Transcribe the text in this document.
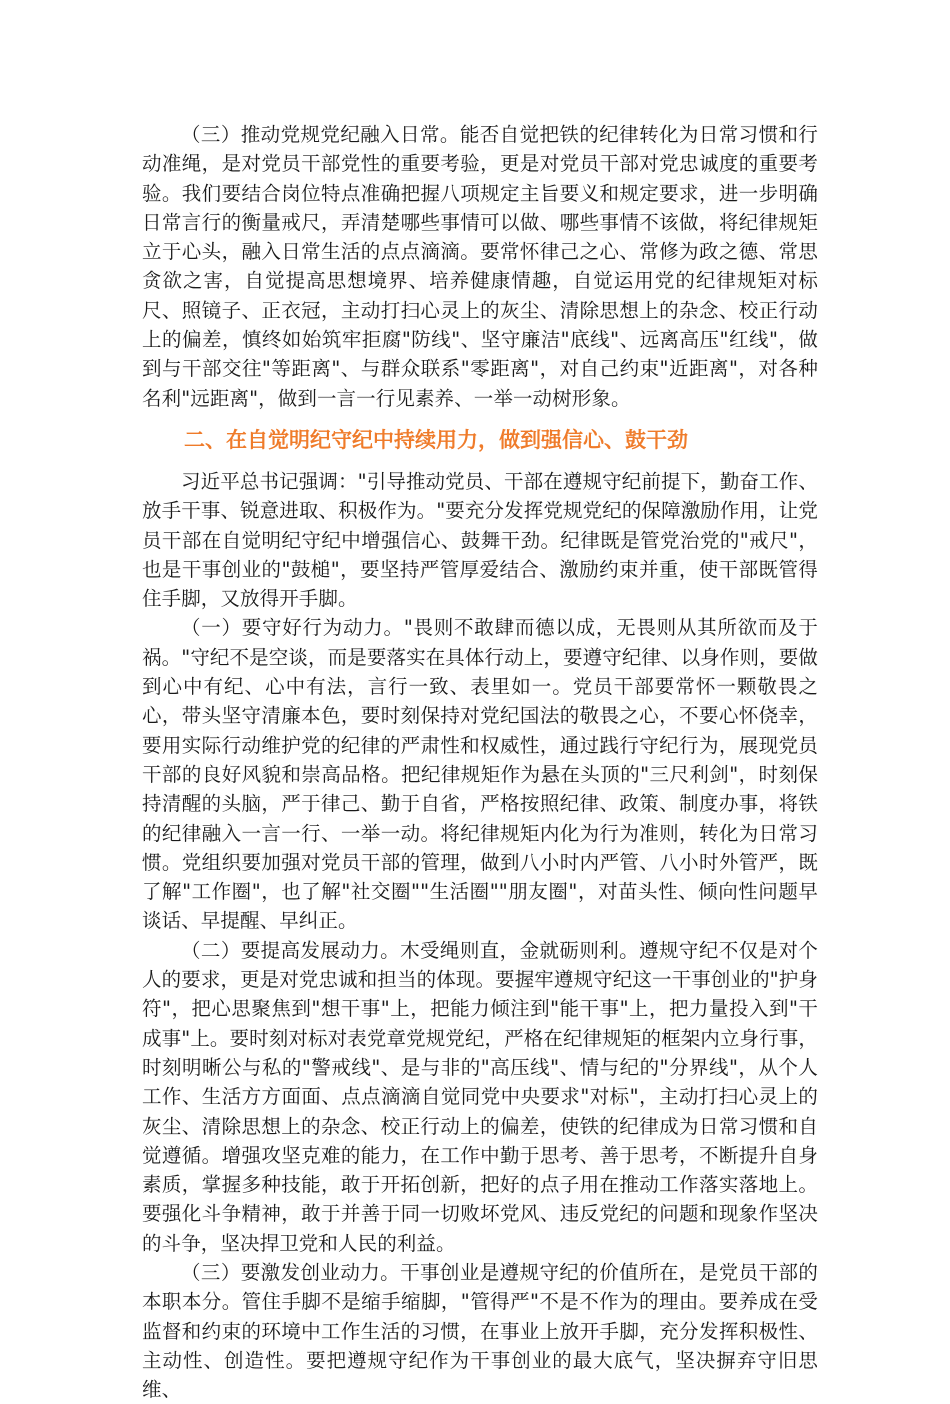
（三）推动党规党纪融入日常。能否自觉把铁的纪律转化为日常习惯和行动准绳，是对党员干部党性的重要考验，更是对党员干部对党忠诚度的重要考验。我们要结合岗位特点准确把握八项规定主旨要义和规定要求，进一步明确日常言行的衡量戒尺，弄清楚哪些事情可以做、哪些事情不该做，将纪律规矩立于心头，融入日常生活的点点滴滴。要常怀律己之心、常修为政之德、常思贪欲之害，自觉提高思想境界、培养健康情趣，自觉运用党的纪律规矩对标尺、照镜子、正衣冠，主动打扫心灵上的灰尘、清除思想上的杂念、校正行动上的偏差，慎终如始筑牢拒腐"防线"、坚守廉洁"底线"、远离高压"红线"，做到与干部交往"等距离"、与群众联系"零距离"，对自己约束"近距离"，对各种名利"远距离"，做到一言一行见素养、一举一动树形象。

二、在自觉明纪守纪中持续用力，做到强信心、鼓干劲

习近平总书记强调："引导推动党员、干部在遵规守纪前提下，勤奋工作、放手干事、锐意进取、积极作为。"要充分发挥党规党纪的保障激励作用，让党员干部在自觉明纪守纪中增强信心、鼓舞干劲。纪律既是管党治党的"戒尺"，也是干事创业的"鼓槌"，要坚持严管厚爱结合、激励约束并重，使干部既管得住手脚，又放得开手脚。

（一）要守好行为动力。"畏则不敢肆而德以成，无畏则从其所欲而及于祸。"守纪不是空谈，而是要落实在具体行动上，要遵守纪律、以身作则，要做到心中有纪、心中有法，言行一致、表里如一。党员干部要常怀一颗敬畏之心，带头坚守清廉本色，要时刻保持对党纪国法的敬畏之心，不要心怀侥幸，要用实际行动维护党的纪律的严肃性和权威性，通过践行守纪行为，展现党员干部的良好风貌和崇高品格。把纪律规矩作为悬在头顶的"三尺利剑"，时刻保持清醒的头脑，严于律己、勤于自省，严格按照纪律、政策、制度办事，将铁的纪律融入一言一行、一举一动。将纪律规矩内化为行为准则，转化为日常习惯。党组织要加强对党员干部的管理，做到八小时内严管、八小时外管严，既了解"工作圈"，也了解"社交圈""生活圈""朋友圈"，对苗头性、倾向性问题早谈话、早提醒、早纠正。

（二）要提高发展动力。木受绳则直，金就砺则利。遵规守纪不仅是对个人的要求，更是对党忠诚和担当的体现。要握牢遵规守纪这一干事创业的"护身符"，把心思聚焦到"想干事"上，把能力倾注到"能干事"上，把力量投入到"干成事"上。要时刻对标对表党章党规党纪，严格在纪律规矩的框架内立身行事，时刻明晰公与私的"警戒线"、是与非的"高压线"、情与纪的"分界线"，从个人工作、生活方方面面、点点滴滴自觉同党中央要求"对标"，主动打扫心灵上的灰尘、清除思想上的杂念、校正行动上的偏差，使铁的纪律成为日常习惯和自觉遵循。增强攻坚克难的能力，在工作中勤于思考、善于思考，不断提升自身素质，掌握多种技能，敢于开拓创新，把好的点子用在推动工作落实落地上。要强化斗争精神，敢于并善于同一切败坏党风、违反党纪的问题和现象作坚决的斗争，坚决捍卫党和人民的利益。

（三）要激发创业动力。干事创业是遵规守纪的价值所在，是党员干部的本职本分。管住手脚不是缩手缩脚，"管得严"不是不作为的理由。要养成在受监督和约束的环境中工作生活的习惯，在事业上放开手脚，充分发挥积极性、主动性、创造性。要把遵规守纪作为干事创业的最大底气，坚决摒弃守旧思维、
